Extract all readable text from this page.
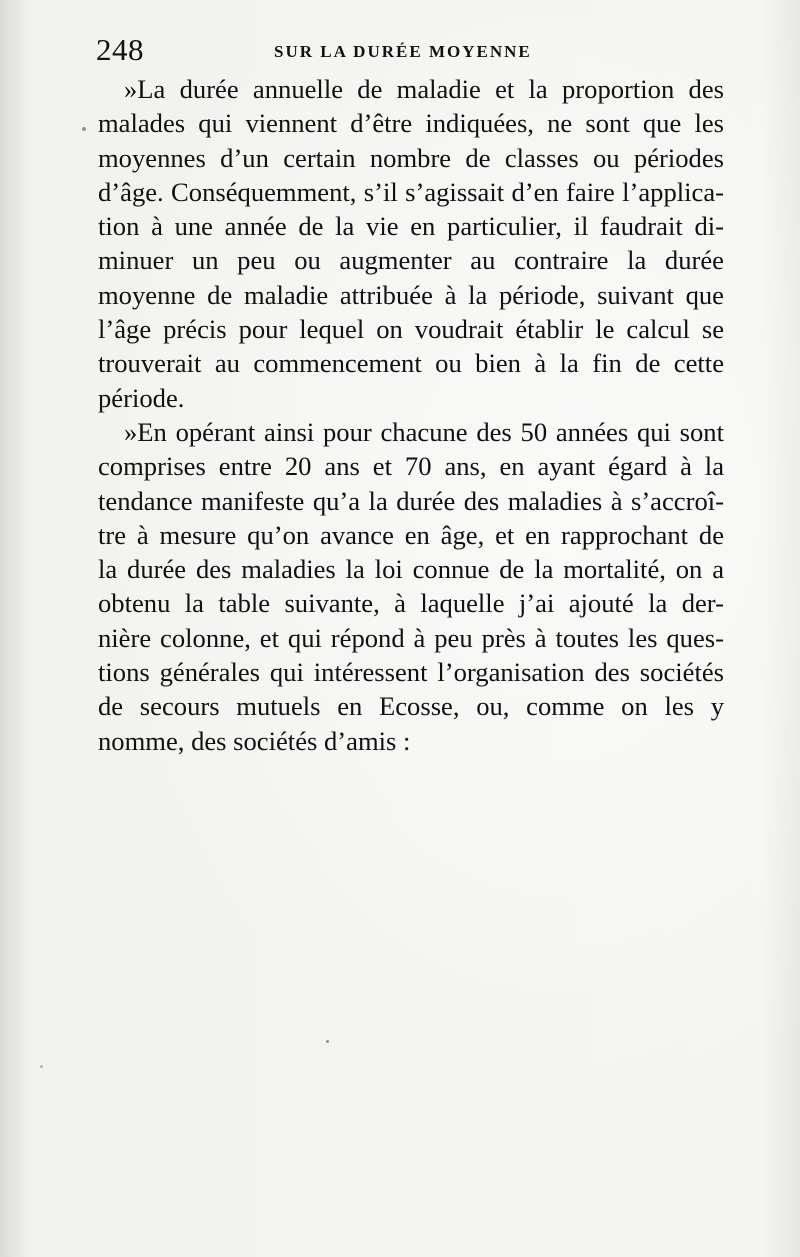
248	SUR LA DURÉE MOYENNE

»La durée annuelle de maladie et la proportion des
malades qui viennent d’être indiquées, ne sont que les
moyennes d’un certain nombre de classes ou périodes
d’âge. Conséquemment, s’il s’agissait d’en faire l’applica-
tion à une année de la vie en particulier, il faudrait di-
minuer un peu ou augmenter au contraire la durée
moyenne de maladie attribuée à la période, suivant que
l’âge précis pour lequel on voudrait établir le calcul se
trouverait au commencement ou bien à la fin de cette
période.

»En opérant ainsi pour chacune des 50 années qui sont
comprises entre 20 ans et 70 ans, en ayant égard à la
tendance manifeste qu’a la durée des maladies à s’accroî-
tre à mesure qu’on avance en âge, et en rapprochant de
la durée des maladies la loi connue de la mortalité, on a
obtenu la table suivante, à laquelle j’ai ajouté la der-
nière colonne, et qui répond à peu près à toutes les ques-
tions générales qui intéressent l’organisation des sociétés
de secours mutuels en Ecosse, ou, comme on les y
nomme, des sociétés d’amis :
